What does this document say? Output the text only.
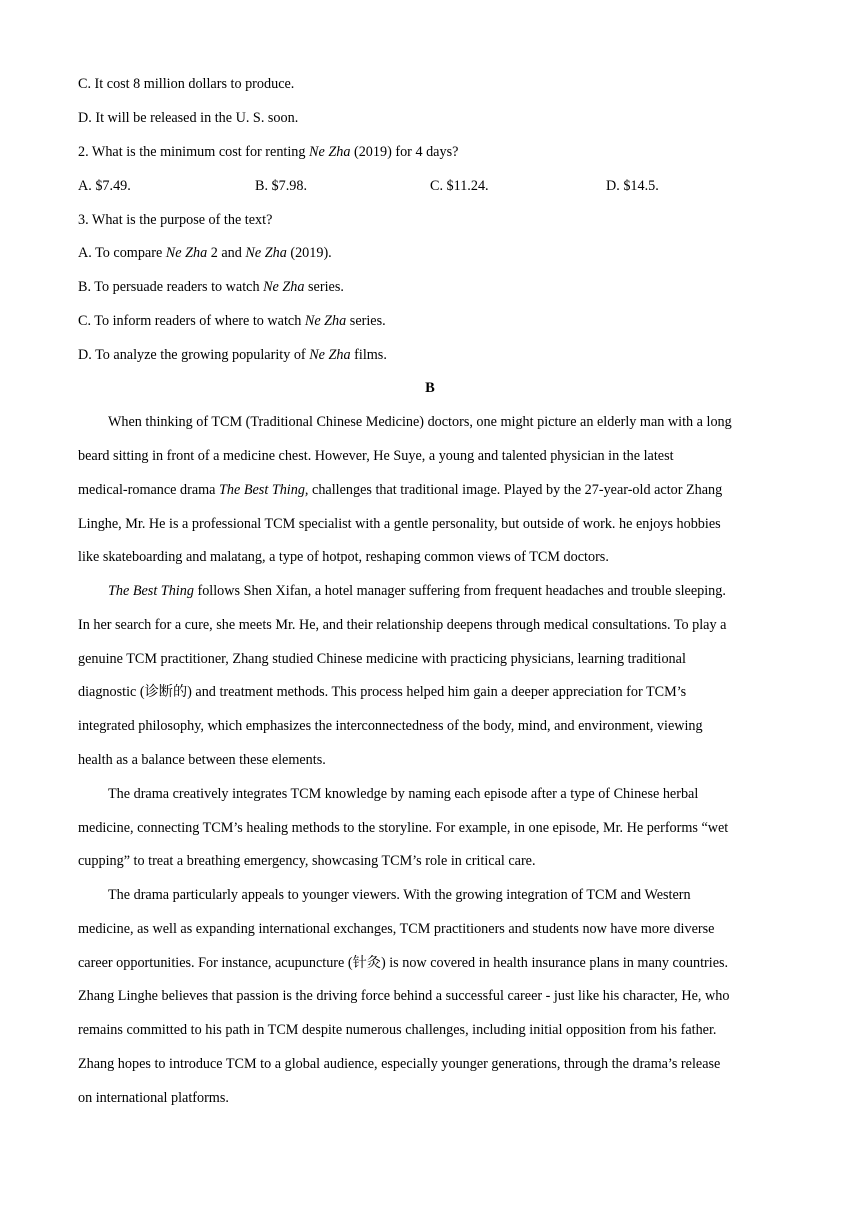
C. It cost 8 million dollars to produce.
D. It will be released in the U. S. soon.
2. What is the minimum cost for renting Ne Zha (2019) for 4 days?
A. $7.49.	B. $7.98.	C. $11.24.	D. $14.5.
3. What is the purpose of the text?
A. To compare Ne Zha 2 and Ne Zha (2019).
B. To persuade readers to watch Ne Zha series.
C. To inform readers of where to watch Ne Zha series.
D. To analyze the growing popularity of Ne Zha films.
B
When thinking of TCM (Traditional Chinese Medicine) doctors, one might picture an elderly man with a long
beard sitting in front of a medicine chest. However, He Suye, a young and talented physician in the latest
medical-romance drama The Best Thing, challenges that traditional image. Played by the 27-year-old actor Zhang
Linghe, Mr. He is a professional TCM specialist with a gentle personality, but outside of work. he enjoys hobbies
like skateboarding and malatang, a type of hotpot, reshaping common views of TCM doctors.
The Best Thing follows Shen Xifan, a hotel manager suffering from frequent headaches and trouble sleeping.
In her search for a cure, she meets Mr. He, and their relationship deepens through medical consultations. To play a
genuine TCM practitioner, Zhang studied Chinese medicine with practicing physicians, learning traditional
diagnostic (诊断的) and treatment methods. This process helped him gain a deeper appreciation for TCM’s
integrated philosophy, which emphasizes the interconnectedness of the body, mind, and environment, viewing
health as a balance between these elements.
The drama creatively integrates TCM knowledge by naming each episode after a type of Chinese herbal
medicine, connecting TCM’s healing methods to the storyline. For example, in one episode, Mr. He performs “wet
cupping” to treat a breathing emergency, showcasing TCM’s role in critical care.
The drama particularly appeals to younger viewers. With the growing integration of TCM and Western
medicine, as well as expanding international exchanges, TCM practitioners and students now have more diverse
career opportunities. For instance, acupuncture (针灸) is now covered in health insurance plans in many countries.
Zhang Linghe believes that passion is the driving force behind a successful career - just like his character, He, who
remains committed to his path in TCM despite numerous challenges, including initial opposition from his father.
Zhang hopes to introduce TCM to a global audience, especially younger generations, through the drama’s release
on international platforms.
